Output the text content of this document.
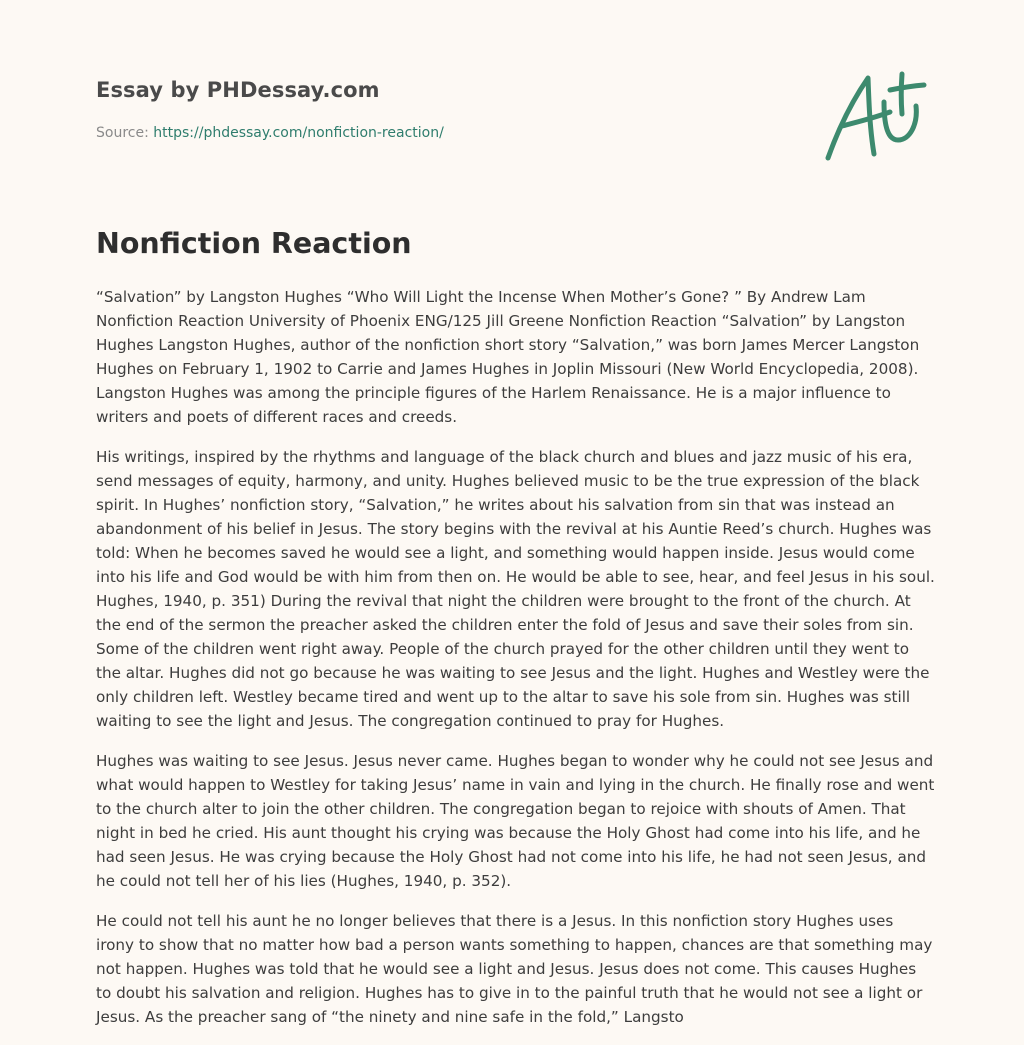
Essay by PHDessay.com
Source: https://phdessay.com/nonfiction-reaction/
Nonfiction Reaction

“Salvation” by Langston Hughes “Who Will Light the Incense When Mother’s Gone? ” By Andrew Lam Nonfiction Reaction University of Phoenix ENG/125 Jill Greene Nonfiction Reaction “Salvation” by Langston Hughes Langston Hughes, author of the nonfiction short story “Salvation,” was born James Mercer Langston Hughes on February 1, 1902 to Carrie and James Hughes in Joplin Missouri (New World Encyclopedia, 2008). Langston Hughes was among the principle figures of the Harlem Renaissance. He is a major influence to writers and poets of different races and creeds.

His writings, inspired by the rhythms and language of the black church and blues and jazz music of his era, send messages of equity, harmony, and unity. Hughes believed music to be the true expression of the black spirit. In Hughes’ nonfiction story, “Salvation,” he writes about his salvation from sin that was instead an abandonment of his belief in Jesus. The story begins with the revival at his Auntie Reed’s church. Hughes was told: When he becomes saved he would see a light, and something would happen inside. Jesus would come into his life and God would be with him from then on. He would be able to see, hear, and feel Jesus in his soul. Hughes, 1940, p. 351) During the revival that night the children were brought to the front of the church. At the end of the sermon the preacher asked the children enter the fold of Jesus and save their soles from sin. Some of the children went right away. People of the church prayed for the other children until they went to the altar. Hughes did not go because he was waiting to see Jesus and the light. Hughes and Westley were the only children left. Westley became tired and went up to the altar to save his sole from sin. Hughes was still waiting to see the light and Jesus. The congregation continued to pray for Hughes.

Hughes was waiting to see Jesus. Jesus never came. Hughes began to wonder why he could not see Jesus and what would happen to Westley for taking Jesus’ name in vain and lying in the church. He finally rose and went to the church alter to join the other children. The congregation began to rejoice with shouts of Amen. That night in bed he cried. His aunt thought his crying was because the Holy Ghost had come into his life, and he had seen Jesus. He was crying because the Holy Ghost had not come into his life, he had not seen Jesus, and he could not tell her of his lies (Hughes, 1940, p. 352).

He could not tell his aunt he no longer believes that there is a Jesus. In this nonfiction story Hughes uses irony to show that no matter how bad a person wants something to happen, chances are that something may not happen. Hughes was told that he would see a light and Jesus. Jesus does not come. This causes Hughes to doubt his salvation and religion. Hughes has to give in to the painful truth that he would not see a light or Jesus. As the preacher sang of “the ninety and nine safe in the fold,” Langsto
